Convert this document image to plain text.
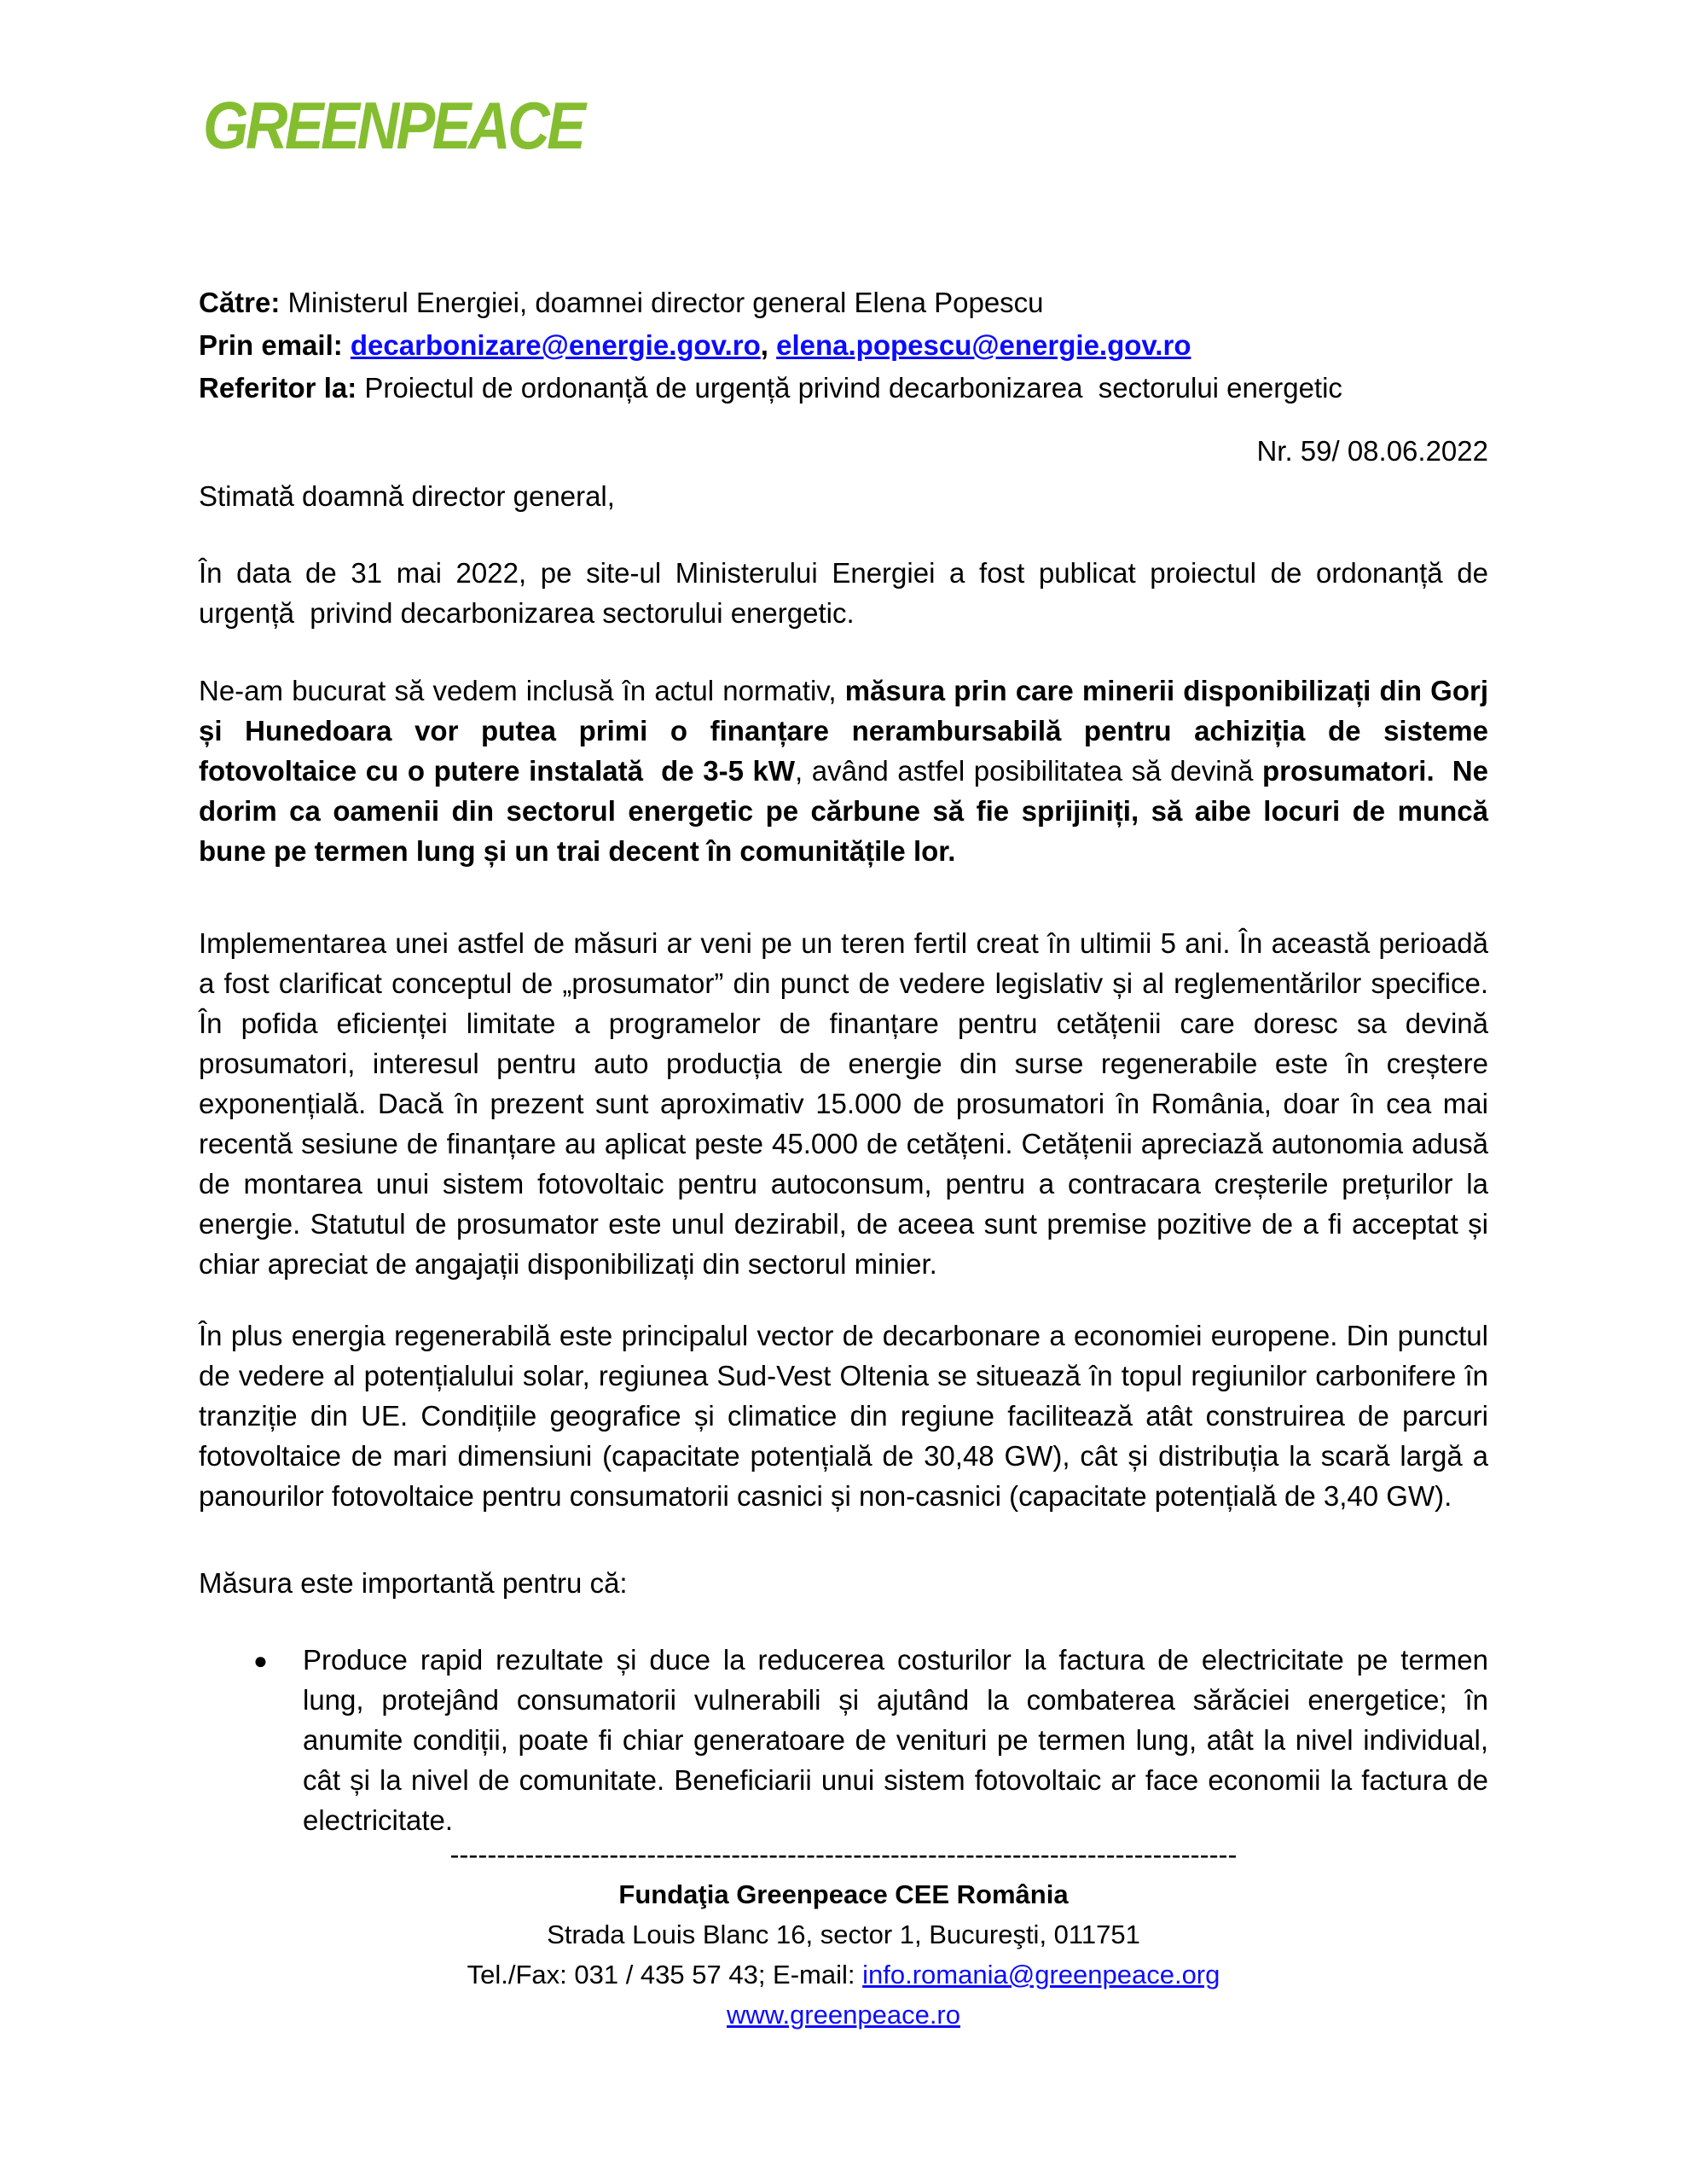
GREENPEACE
Către: Ministerul Energiei, doamnei director general Elena Popescu
Prin email: decarbonizare@energie.gov.ro, elena.popescu@energie.gov.ro
Referitor la: Proiectul de ordonanță de urgență privind decarbonizarea  sectorului energetic
Nr. 59/ 08.06.2022
Stimată doamnă director general,
În data de 31 mai 2022, pe site-ul Ministerului Energiei a fost publicat proiectul de ordonanță de urgență  privind decarbonizarea sectorului energetic.
Ne-am bucurat să vedem inclusă în actul normativ, măsura prin care minerii disponibilizați din Gorj și Hunedoara vor putea primi o finanțare nerambursabilă pentru achiziția de sisteme fotovoltaice cu o putere instalată  de 3-5 kW, având astfel posibilitatea să devină prosumatori.  Ne dorim ca oamenii din sectorul energetic pe cărbune să fie sprijiniți, să aibe locuri de muncă bune pe termen lung și un trai decent în comunitățile lor.
Implementarea unei astfel de măsuri ar veni pe un teren fertil creat în ultimii 5 ani. În această perioadă a fost clarificat conceptul de „prosumator” din punct de vedere legislativ și al reglementărilor specifice. În pofida eficienței limitate a programelor de finanțare pentru cetățenii care doresc sa devină prosumatori, interesul pentru auto producția de energie din surse regenerabile este în creștere exponențială. Dacă în prezent sunt aproximativ 15.000 de prosumatori în România, doar în cea mai recentă sesiune de finanțare au aplicat peste 45.000 de cetățeni. Cetățenii apreciază autonomia adusă de montarea unui sistem fotovoltaic pentru autoconsum, pentru a contracara creșterile prețurilor la energie. Statutul de prosumator este unul dezirabil, de aceea sunt premise pozitive de a fi acceptat și chiar apreciat de angajații disponibilizați din sectorul minier.
În plus energia regenerabilă este principalul vector de decarbonare a economiei europene. Din punctul de vedere al potențialului solar, regiunea Sud-Vest Oltenia se situează în topul regiunilor carbonifere în tranziție din UE. Condițiile geografice și climatice din regiune facilitează atât construirea de parcuri fotovoltaice de mari dimensiuni (capacitate potențială de 30,48 GW), cât și distribuția la scară largă a panourilor fotovoltaice pentru consumatorii casnici și non-casnici (capacitate potențială de 3,40 GW).
Măsura este importantă pentru că:
● Produce rapid rezultate și duce la reducerea costurilor la factura de electricitate pe termen lung, protejând consumatorii vulnerabili și ajutând la combaterea sărăciei energetice; în anumite condiții, poate fi chiar generatoare de venituri pe termen lung, atât la nivel individual, cât și la nivel de comunitate. Beneficiarii unui sistem fotovoltaic ar face economii la factura de electricitate.
------------------------------------------------------------------------------------
Fundaţia Greenpeace CEE România
Strada Louis Blanc 16, sector 1, Bucureşti, 011751
Tel./Fax: 031 / 435 57 43; E-mail: info.romania@greenpeace.org
www.greenpeace.ro
